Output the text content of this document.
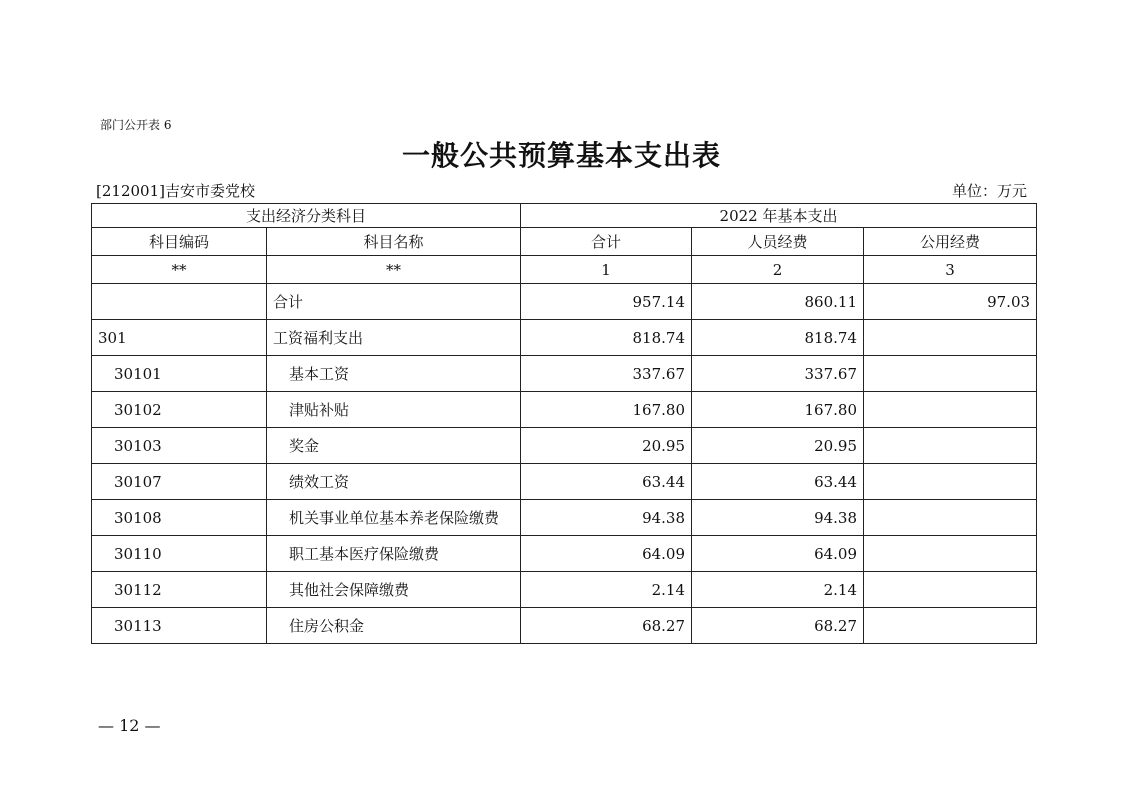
部门公开表 6
一般公共预算基本支出表
[212001]吉安市委党校	单位：万元
支出经济分类科目		2022 年基本支出		
科目编码	科目名称	合计	人员经费	公用经费
**	**	1	2	3
	合计	957.14	860.11	97.03
301	工资福利支出	818.74	818.74	
30101	基本工资	337.67	337.67	
30102	津贴补贴	167.80	167.80	
30103	奖金	20.95	20.95	
30107	绩效工资	63.44	63.44	
30108	机关事业单位基本养老保险缴费	94.38	94.38	
30110	职工基本医疗保险缴费	64.09	64.09	
30112	其他社会保障缴费	2.14	2.14	
30113	住房公积金	68.27	68.27	
— 12 —
